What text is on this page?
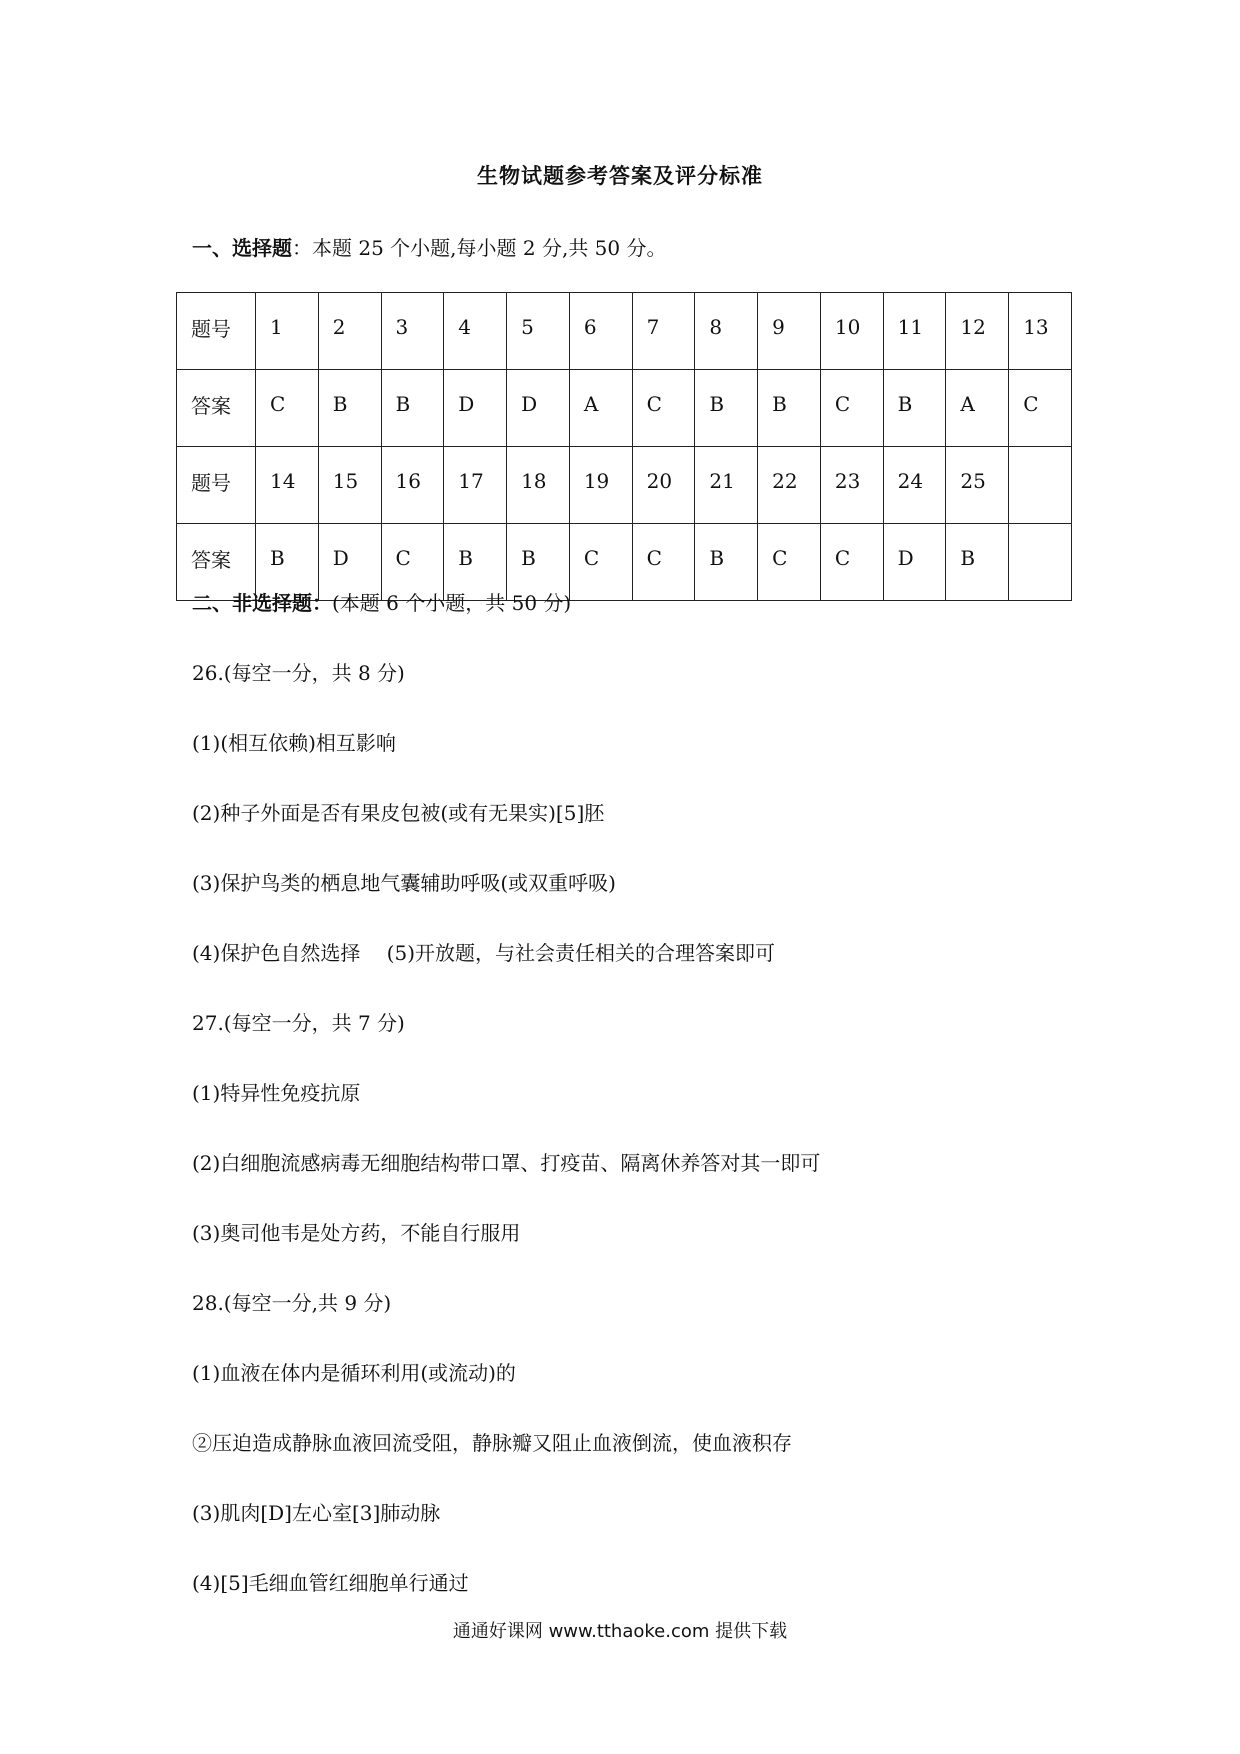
生物试题参考答案及评分标准
一、选择题：本题 25 个小题,每小题 2 分,共 50 分。
题号	1	2	3	4	5	6	7	8	9	10	11	12	13
答案	C	B	B	D	D	A	C	B	B	C	B	A	C
题号	14	15	16	17	18	19	20	21	22	23	24	25	
答案	B	D	C	B	B	C	C	B	C	C	D	B	
二、非选择题：(本题 6 个小题，共 50 分)
26.(每空一分，共 8 分)
(1)(相互依赖)相互影响
(2)种子外面是否有果皮包被(或有无果实)[5]胚
(3)保护鸟类的栖息地气囊辅助呼吸(或双重呼吸)
(4)保护色自然选择　 (5)开放题，与社会责任相关的合理答案即可
27.(每空一分，共 7 分)
(1)特异性免疫抗原
(2)白细胞流感病毒无细胞结构带口罩、打疫苗、隔离休养答对其一即可
(3)奥司他韦是处方药，不能自行服用
28.(每空一分,共 9 分)
(1)血液在体内是循环利用(或流动)的
②压迫造成静脉血液回流受阻，静脉瓣又阻止血液倒流，使血液积存
(3)肌肉[D]左心室[3]肺动脉
(4)[5]毛细血管红细胞单行通过
通通好课网 www.tthaoke.com 提供下载
